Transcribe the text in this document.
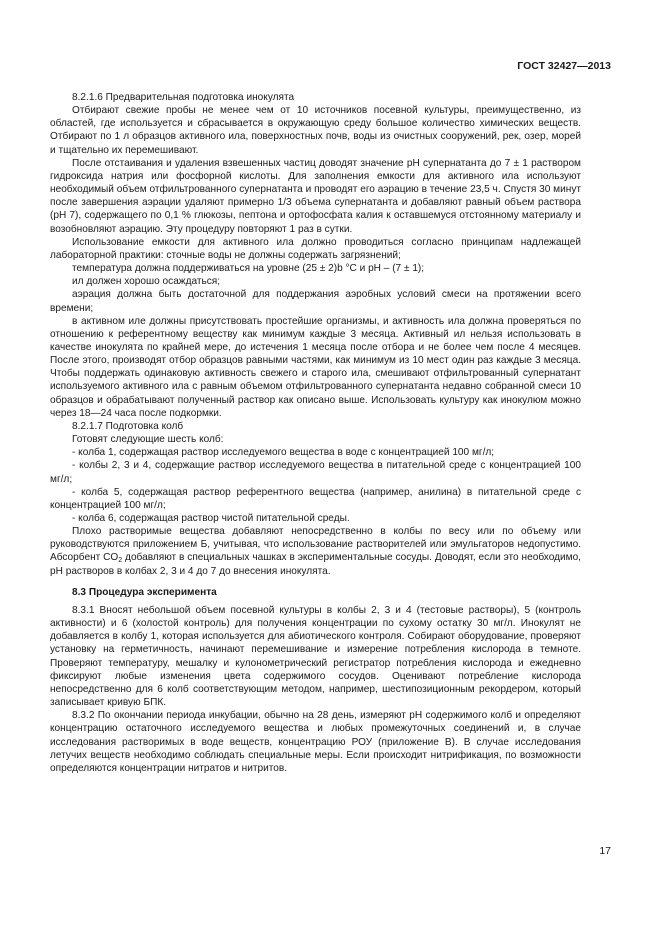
ГОСТ 32427—2013

8.2.1.6 Предварительная подготовка инокулята

Отбирают свежие пробы не менее чем от 10 источников посевной культуры, преимущественно, из областей, где используется и сбрасывается в окружающую среду большое количество химических веществ. Отбирают по 1 л образцов активного ила, поверхностных почв, воды из очистных сооружений, рек, озер, морей и тщательно их перемешивают.

После отстаивания и удаления взвешенных частиц доводят значение pH супернатанта до 7 ± 1 раствором гидроксида натрия или фосфорной кислоты. Для заполнения емкости для активного ила используют необходимый объем отфильтрованного супернатанта и проводят его аэрацию в течение 23,5 ч. Спустя 30 минут после завершения аэрации удаляют примерно 1/3 объема супернатанта и добавляют равный объем раствора (pH 7), содержащего по 0,1 % глюкозы, пептона и ортофосфата калия к оставшемуся отстоянному материалу и возобновляют аэрацию. Эту процедуру повторяют 1 раз в сутки.

Использование емкости для активного ила должно проводиться согласно принципам надлежащей лабораторной практики: сточные воды не должны содержать загрязнений;

температура должна поддерживаться на уровне (25 ± 2)b °C и pH – (7 ± 1);

ил должен хорошо осаждаться;

аэрация должна быть достаточной для поддержания аэробных условий смеси на протяжении всего времени;

в активном иле должны присутствовать простейшие организмы, и активность ила должна проверяться по отношению к референтному веществу как минимум каждые 3 месяца. Активный ил нельзя использовать в качестве инокулята по крайней мере, до истечения 1 месяца после отбора и не более чем после 4 месяцев. После этого, производят отбор образцов равными частями, как минимум из 10 мест один раз каждые 3 месяца. Чтобы поддержать одинаковую активность свежего и старого ила, смешивают отфильтрованный супернатант используемого активного ила с равным объемом отфильтрованного супернатанта недавно собранной смеси 10 образцов и обрабатывают полученный раствор как описано выше. Использовать культуру как инокулюм можно через 18—24 часа после подкормки.

8.2.1.7 Подготовка колб

Готовят следующие шесть колб:

- колба 1, содержащая раствор исследуемого вещества в воде с концентрацией 100 мг/л;

- колбы 2, 3 и 4, содержащие раствор исследуемого вещества в питательной среде с концентрацией 100 мг/л;

- колба 5, содержащая раствор референтного вещества (например, анилина) в питательной среде с концентрацией 100 мг/л;

- колба 6, содержащая раствор чистой питательной среды.

Плохо растворимые вещества добавляют непосредственно в колбы по весу или по объему или руководствуются приложением Б, учитывая, что использование растворителей или эмульгаторов недопустимо. Абсорбент $CO_2$ добавляют в специальных чашках в экспериментальные сосуды. Доводят, если это необходимо, pH растворов в колбах 2, 3 и 4 до 7 до внесения инокулята.

8.3 Процедура эксперимента

8.3.1 Вносят небольшой объем посевной культуры в колбы 2, 3 и 4 (тестовые растворы), 5 (контроль активности) и 6 (холостой контроль) для получения концентрации по сухому остатку 30 мг/л. Инокулят не добавляется в колбу 1, которая используется для абиотического контроля. Собирают оборудование, проверяют установку на герметичность, начинают перемешивание и измерение потребления кислорода в темноте. Проверяют температуру, мешалку и кулонометрический регистратор потребления кислорода и ежедневно фиксируют любые изменения цвета содержимого сосудов. Оценивают потребление кислорода непосредственно для 6 колб соответствующим методом, например, шестипозиционным рекордером, который записывает кривую БПК.

8.3.2 По окончании периода инкубации, обычно на 28 день, измеряют pH содержимого колб и определяют концентрацию остаточного исследуемого вещества и любых промежуточных соединений и, в случае исследования растворимых в воде веществ, концентрацию РОУ (приложение В). В случае исследования летучих веществ необходимо соблюдать специальные меры. Если происходит нитрификация, по возможности определяются концентрации нитратов и нитритов.

17
